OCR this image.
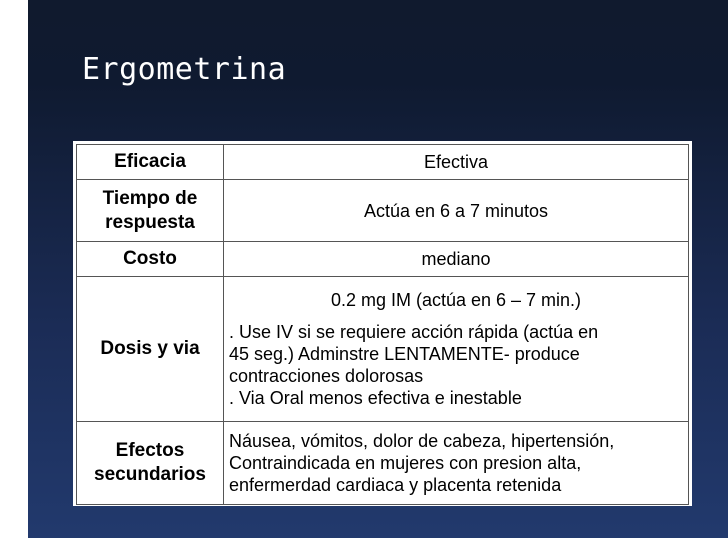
Ergometrina
Eficacia	Efectiva

Tiempo de
respuesta	Actúa en 6 a 7 minutos

Costo	mediano

Dosis y via	0.2 mg IM (actúa en 6 – 7 min.)
. Use IV si se requiere acción rápida (actúa en
45 seg.) Adminstre LENTAMENTE- produce
contracciones dolorosas
. Via Oral menos efectiva e inestable

Efectos
secundarios	Náusea, vómitos, dolor de cabeza, hipertensión,
Contraindicada en mujeres con presion alta,
enfermerdad cardiaca y placenta retenida
